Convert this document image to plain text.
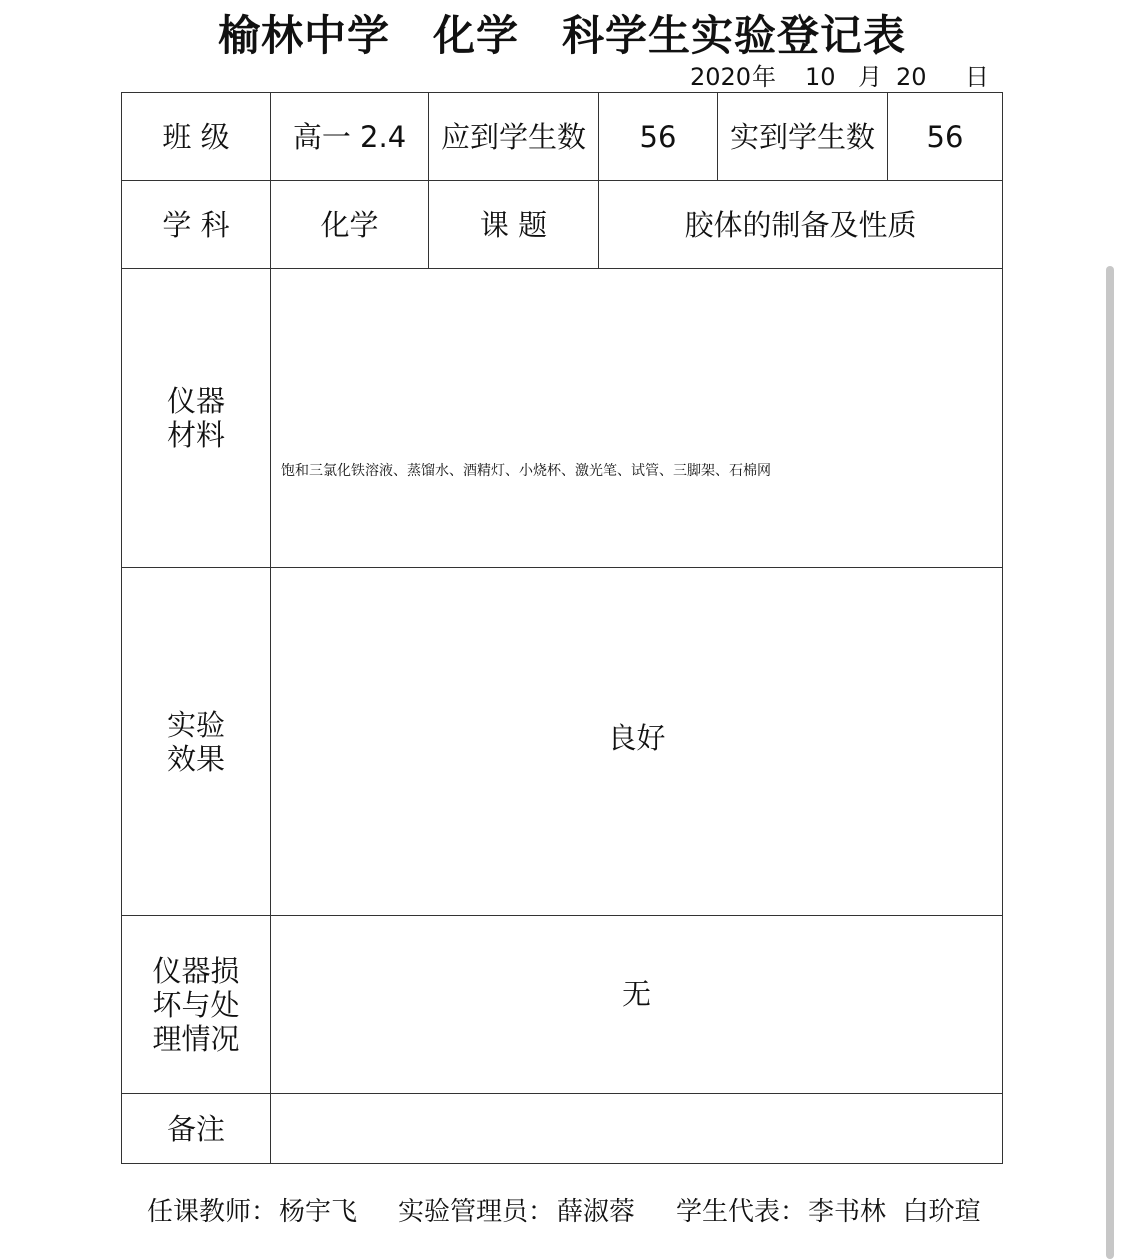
榆林中学　化学　科学生实验登记表
2020 年 10 月 20 日
班 级	高一 2.4	应到学生数	56	实到学生数	56
学 科	化学	课 题	胶体的制备及性质		

仪器
材料	饱和三氯化铁溶液、蒸馏水、酒精灯、小烧杯、激光笔、试管、三脚架、石棉网				

实验
效果	良好				

仪器损
坏与处
理情况	无				

备注					
任课教师： 杨宇飞 实验管理员： 薛淑蓉 学生代表： 李书林  白玠瑄
